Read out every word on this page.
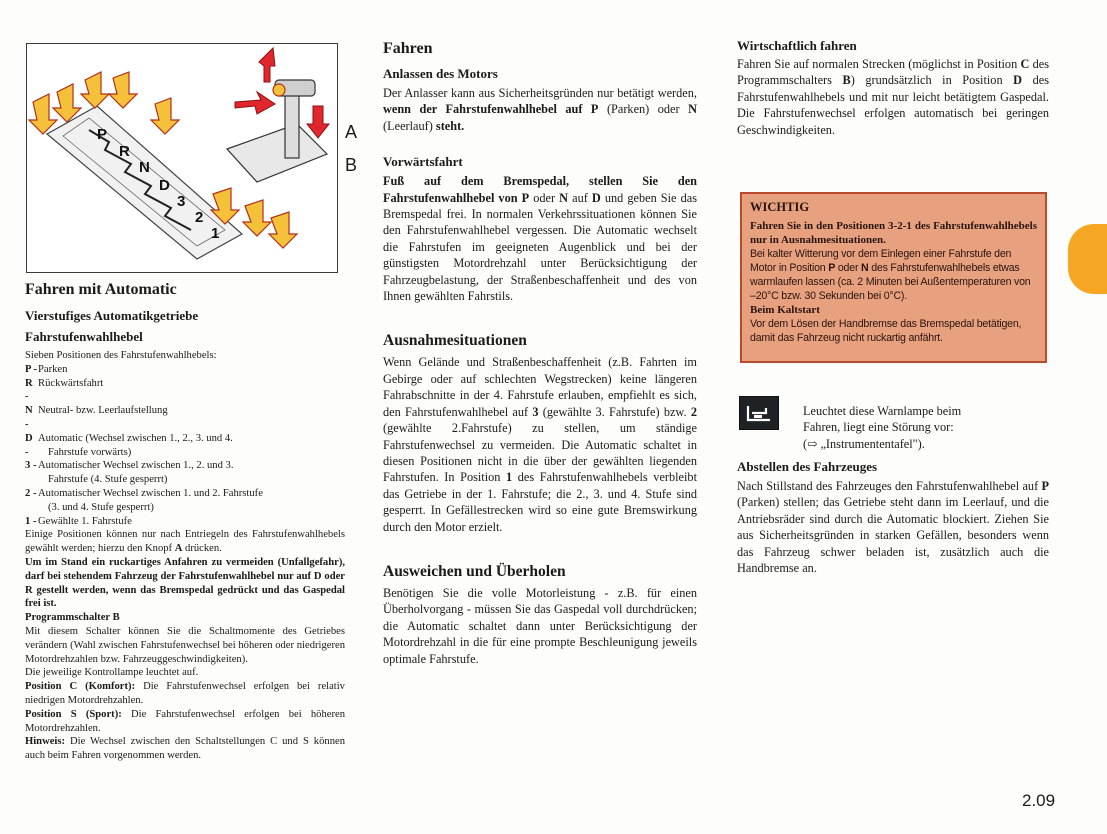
P
R
N
D
3
2
1
A
B

Fahren mit Automatic

Vierstufiges Automatikgetriebe

Fahrstufenwahlhebel

Sieben Positionen des Fahrstufenwahlhebels:

P - Parken
R -
Rückwärtsfahrt
N -
Neutral- bzw. Leerlaufstellung
D -
Automatic (Wechsel zwischen 1., 2., 3. und 4.
Fahrstufe vorwärts)
3 - Automatischer Wechsel zwischen 1., 2. und 3.
Fahrstufe (4. Stufe gesperrt)
2 - Automatischer Wechsel zwischen 1. und 2. Fahrstufe
(3. und 4. Stufe gesperrt)
1 - Gewählte 1. Fahrstufe

Einige Positionen können nur nach Entriegeln des Fahrstufenwahlhebels gewählt werden; hierzu den Knopf A drücken.

Um im Stand ein ruckartiges Anfahren zu vermeiden (Unfallgefahr), darf bei stehendem Fahrzeug der Fahrstufenwahlhebel nur auf D oder R gestellt werden, wenn das Bremspedal gedrückt und das Gaspedal frei ist.

Programmschalter B

Mit diesem Schalter können Sie die Schaltmomente des Getriebes verändern (Wahl zwischen Fahrstufenwechsel bei höheren oder niedrigeren Motordrehzahlen bzw. Fahrzeuggeschwindigkeiten).

Die jeweilige Kontrollampe leuchtet auf.

Position C (Komfort): Die Fahrstufenwechsel erfolgen bei relativ niedrigen Motordrehzahlen.

Position S (Sport): Die Fahrstufenwechsel erfolgen bei höheren Motordrehzahlen.

Hinweis: Die Wechsel zwischen den Schaltstellungen C und S können auch beim Fahren vorgenommen werden.

Fahren

Anlassen des Motors

Der Anlasser kann aus Sicherheitsgründen nur betätigt werden, wenn der Fahrstufenwahlhebel auf P (Parken) oder N (Leerlauf) steht.

Vorwärtsfahrt

Fuß auf dem Bremspedal, stellen Sie den Fahrstufenwahlhebel von P oder N auf D und geben Sie das Bremspedal frei. In normalen Verkehrssituationen können Sie den Fahrstufenwahlhebel vergessen. Die Automatic wechselt die Fahrstufen im geeigneten Augenblick und bei der günstigsten Motordrehzahl unter Berücksichtigung der Fahrzeugbelastung, der Straßenbeschaffenheit und des von Ihnen gewählten Fahrstils.

Ausnahmesituationen

Wenn Gelände und Straßenbeschaffenheit (z.B. Fahrten im Gebirge oder auf schlechten Wegstrecken) keine längeren Fahrabschnitte in der 4. Fahrstufe erlauben, empfiehlt es sich, den Fahrstufenwahlhebel auf 3 (gewählte 3. Fahrstufe) bzw. 2 (gewählte 2.Fahrstufe) zu stellen, um ständige Fahrstufenwechsel zu vermeiden. Die Automatic schaltet in diesen Positionen nicht in die über der gewählten liegenden Fahrstufen. In Position 1 des Fahrstufenwahlhebels verbleibt das Getriebe in der 1. Fahrstufe; die 2., 3. und 4. Stufe sind gesperrt. In Gefällestrecken wird so eine gute Bremswirkung durch den Motor erzielt.

Ausweichen und Überholen

Benötigen Sie die volle Motorleistung - z.B. für einen Überholvorgang - müssen Sie das Gaspedal voll durchdrücken; die Automatic schaltet dann unter Berücksichtigung der Motordrehzahl in die für eine prompte Beschleunigung jeweils optimale Fahrstufe.

Wirtschaftlich fahren

Fahren Sie auf normalen Strecken (möglichst in Position C des Programmschalters B) grundsätzlich in Position D des Fahrstufenwahlhebels und mit nur leicht betätigtem Gaspedal. Die Fahrstufenwechsel erfolgen automatisch bei geringen Geschwindigkeiten.

WICHTIG

Fahren Sie in den Positionen 3-2-1 des Fahrstufenwahlhebels nur in Ausnahmesituationen.

Bei kalter Witterung vor dem Einlegen einer Fahrstufe den Motor in Position P oder N des Fahrstufenwahlhebels etwas warmlaufen lassen (ca. 2 Minuten bei Außentemperaturen von –20°C bzw. 30 Sekunden bei 0°C).

Beim Kaltstart

Vor dem Lösen der Handbremse das Bremspedal betätigen, damit das Fahrzeug nicht ruckartig anfährt.

Leuchtet diese Warnlampe beim
Fahren, liegt eine Störung vor:
(⇨ „Instrumententafel").

Abstellen des Fahrzeuges

Nach Stillstand des Fahrzeuges den Fahrstufenwahlhebel auf P (Parken) stellen; das Getriebe steht dann im Leerlauf, und die Antriebsräder sind durch die Automatic blockiert. Ziehen Sie aus Sicherheitsgründen in starken Gefällen, besonders wenn das Fahrzeug schwer beladen ist, zusätzlich auch die Handbremse an.

2.09
